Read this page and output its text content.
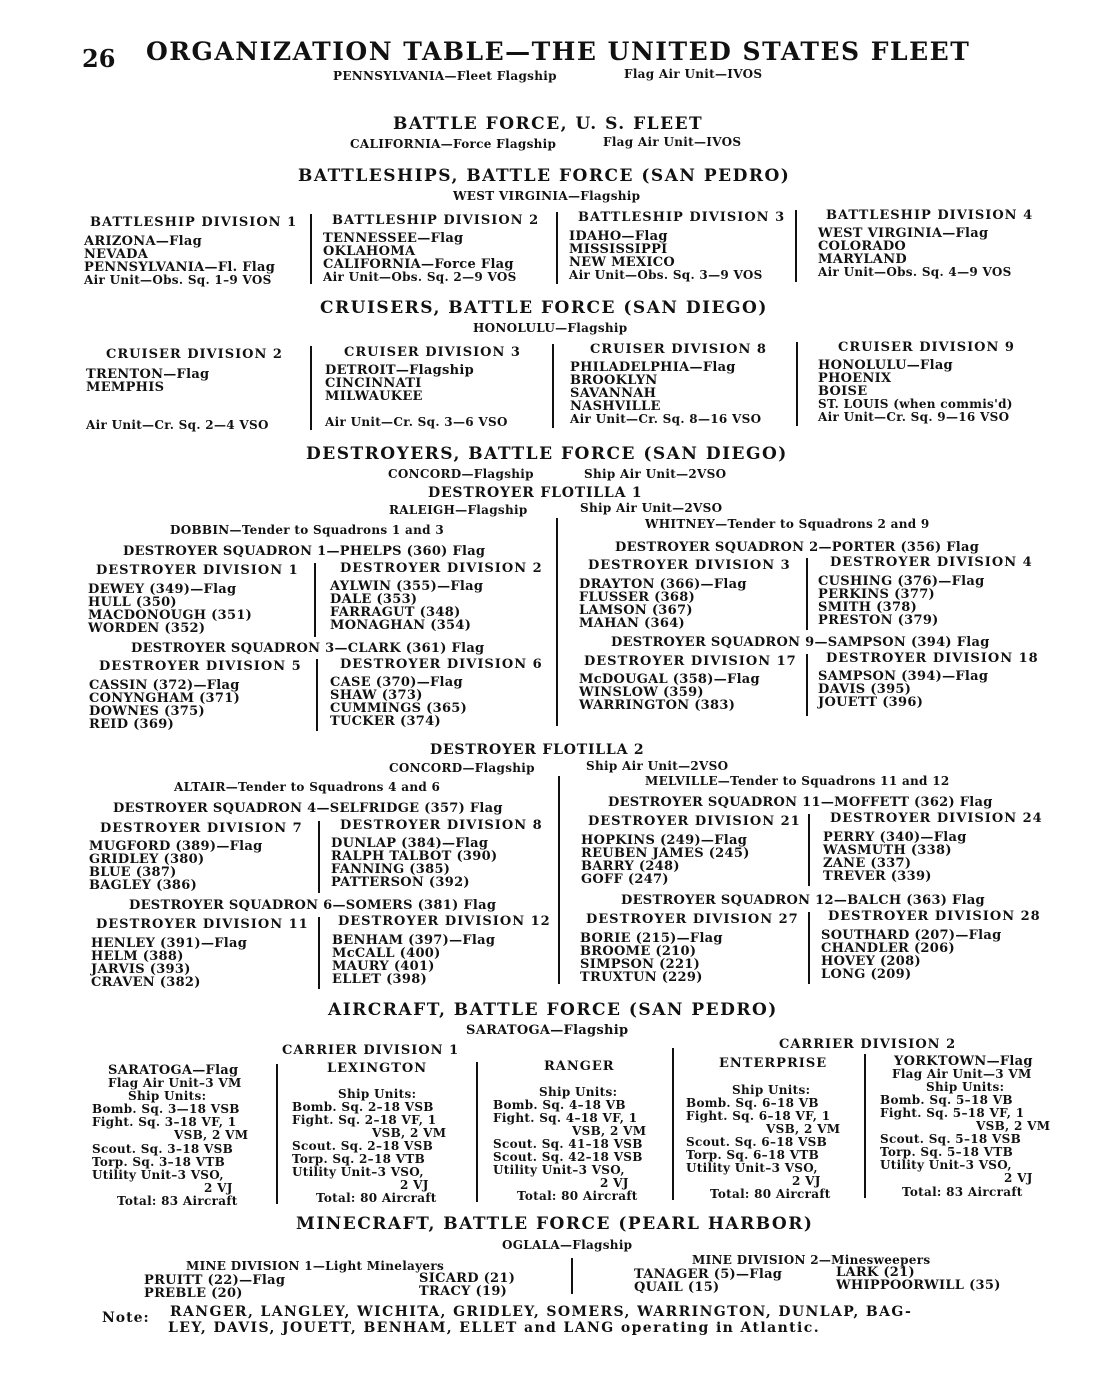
26 ORGANIZATION TABLE—THE UNITED STATES FLEET
PENNSYLVANIA—Fleet Flagship	Flag Air Unit—IVOS
BATTLE FORCE, U. S. FLEET
CALIFORNIA—Force Flagship	Flag Air Unit—IVOS
BATTLESHIPS, BATTLE FORCE (SAN PEDRO)
WEST VIRGINIA—Flagship
BATTLESHIP DIVISION 1
ARIZONA—Flag
NEVADA
PENNSYLVANIA—Fl. Flag
Air Unit—Obs. Sq. 1–9 VOS
BATTLESHIP DIVISION 2
TENNESSEE—Flag
OKLAHOMA
CALIFORNIA—Force Flag
Air Unit—Obs. Sq. 2—9 VOS
BATTLESHIP DIVISION 3
IDAHO—Flag
MISSISSIPPI
NEW MEXICO
Air Unit—Obs. Sq. 3—9 VOS
BATTLESHIP DIVISION 4
WEST VIRGINIA—Flag
COLORADO
MARYLAND
Air Unit—Obs. Sq. 4—9 VOS
CRUISERS, BATTLE FORCE (SAN DIEGO)
HONOLULU—Flagship
CRUISER DIVISION 2
TRENTON—Flag
MEMPHIS
Air Unit—Cr. Sq. 2—4 VSO
CRUISER DIVISION 3
DETROIT—Flagship
CINCINNATI
MILWAUKEE
Air Unit—Cr. Sq. 3—6 VSO
CRUISER DIVISION 8
PHILADELPHIA—Flag
BROOKLYN
SAVANNAH
NASHVILLE
Air Unit—Cr. Sq. 8—16 VSO
CRUISER DIVISION 9
HONOLULU—Flag
PHOENIX
BOISE
ST. LOUIS (when commis'd)
Air Unit—Cr. Sq. 9—16 VSO
DESTROYERS, BATTLE FORCE (SAN DIEGO)
CONCORD—Flagship	Ship Air Unit—2VSO
DESTROYER FLOTILLA 1
RALEIGH—Flagship	Ship Air Unit—2VSO
DOBBIN—Tender to Squadrons 1 and 3	WHITNEY—Tender to Squadrons 2 and 9
DESTROYER SQUADRON 1—PHELPS (360) Flag	DESTROYER SQUADRON 2—PORTER (356) Flag
DESTROYER DIVISION 1
DEWEY (349)—Flag
HULL (350)
MACDONOUGH (351)
WORDEN (352)
DESTROYER DIVISION 2
AYLWIN (355)—Flag
DALE (353)
FARRAGUT (348)
MONAGHAN (354)
DESTROYER DIVISION 3
DRAYTON (366)—Flag
FLUSSER (368)
LAMSON (367)
MAHAN (364)
DESTROYER DIVISION 4
CUSHING (376)—Flag
PERKINS (377)
SMITH (378)
PRESTON (379)
DESTROYER SQUADRON 3—CLARK (361) Flag	DESTROYER SQUADRON 9—SAMPSON (394) Flag
DESTROYER DIVISION 5
CASSIN (372)—Flag
CONYNGHAM (371)
DOWNES (375)
REID (369)
DESTROYER DIVISION 6
CASE (370)—Flag
SHAW (373)
CUMMINGS (365)
TUCKER (374)
DESTROYER DIVISION 17
McDOUGAL (358)—Flag
WINSLOW (359)
WARRINGTON (383)
DESTROYER DIVISION 18
SAMPSON (394)—Flag
DAVIS (395)
JOUETT (396)
DESTROYER FLOTILLA 2
CONCORD—Flagship	Ship Air Unit—2VSO
ALTAIR—Tender to Squadrons 4 and 6	MELVILLE—Tender to Squadrons 11 and 12
DESTROYER SQUADRON 4—SELFRIDGE (357) Flag	DESTROYER SQUADRON 11—MOFFETT (362) Flag
DESTROYER DIVISION 7
MUGFORD (389)—Flag
GRIDLEY (380)
BLUE (387)
BAGLEY (386)
DESTROYER DIVISION 8
DUNLAP (384)—Flag
RALPH TALBOT (390)
FANNING (385)
PATTERSON (392)
DESTROYER DIVISION 21
HOPKINS (249)—Flag
REUBEN JAMES (245)
BARRY (248)
GOFF (247)
DESTROYER DIVISION 24
PERRY (340)—Flag
WASMUTH (338)
ZANE (337)
TREVER (339)
DESTROYER SQUADRON 6—SOMERS (381) Flag	DESTROYER SQUADRON 12—BALCH (363) Flag
DESTROYER DIVISION 11
HENLEY (391)—Flag
HELM (388)
JARVIS (393)
CRAVEN (382)
DESTROYER DIVISION 12
BENHAM (397)—Flag
McCALL (400)
MAURY (401)
ELLET (398)
DESTROYER DIVISION 27
BORIE (215)—Flag
BROOME (210)
SIMPSON (221)
TRUXTUN (229)
DESTROYER DIVISION 28
SOUTHARD (207)—Flag
CHANDLER (206)
HOVEY (208)
LONG (209)
AIRCRAFT, BATTLE FORCE (SAN PEDRO)
SARATOGA—Flagship
CARRIER DIVISION 1	CARRIER DIVISION 2
SARATOGA—Flag
Flag Air Unit–3 VM
Ship Units:
Bomb. Sq. 3—18 VSB
Fight. Sq. 3–18 VF, 1
VSB, 2 VM
Scout. Sq. 3–18 VSB
Torp. Sq. 3–18 VTB
Utility Unit–3 VSO,
2 VJ
Total: 83 Aircraft
LEXINGTON
Ship Units:
Bomb. Sq. 2–18 VSB
Fight. Sq. 2–18 VF, 1
VSB, 2 VM
Scout. Sq. 2–18 VSB
Torp. Sq. 2–18 VTB
Utility Unit–3 VSO,
2 VJ
Total: 80 Aircraft
RANGER
Ship Units:
Bomb. Sq. 4–18 VB
Fight. Sq. 4–18 VF, 1
VSB, 2 VM
Scout. Sq. 41–18 VSB
Scout. Sq. 42–18 VSB
Utility Unit–3 VSO,
2 VJ
Total: 80 Aircraft
ENTERPRISE
Ship Units:
Bomb. Sq. 6–18 VB
Fight. Sq. 6–18 VF, 1
VSB, 2 VM
Scout. Sq. 6–18 VSB
Torp. Sq. 6–18 VTB
Utility Unit–3 VSO,
2 VJ
Total: 80 Aircraft
YORKTOWN—Flag
Flag Air Unit—3 VM
Ship Units:
Bomb. Sq. 5–18 VB
Fight. Sq. 5–18 VF, 1
VSB, 2 VM
Scout. Sq. 5–18 VSB
Torp. Sq. 5–18 VTB
Utility Unit–3 VSO,
2 VJ
Total: 83 Aircraft
MINECRAFT, BATTLE FORCE (PEARL HARBOR)
OGLALA—Flagship
MINE DIVISION 1—Light Minelayers
PRUITT (22)—Flag
PREBLE (20)
SICARD (21)
TRACY (19)
MINE DIVISION 2—Minesweepers
TANAGER (5)—Flag
QUAIL (15)
LARK (21)
WHIPPOORWILL (35)
Note: RANGER, LANGLEY, WICHITA, GRIDLEY, SOMERS, WARRINGTON, DUNLAP, BAG-
LEY, DAVIS, JOUETT, BENHAM, ELLET and LANG operating in Atlantic.
